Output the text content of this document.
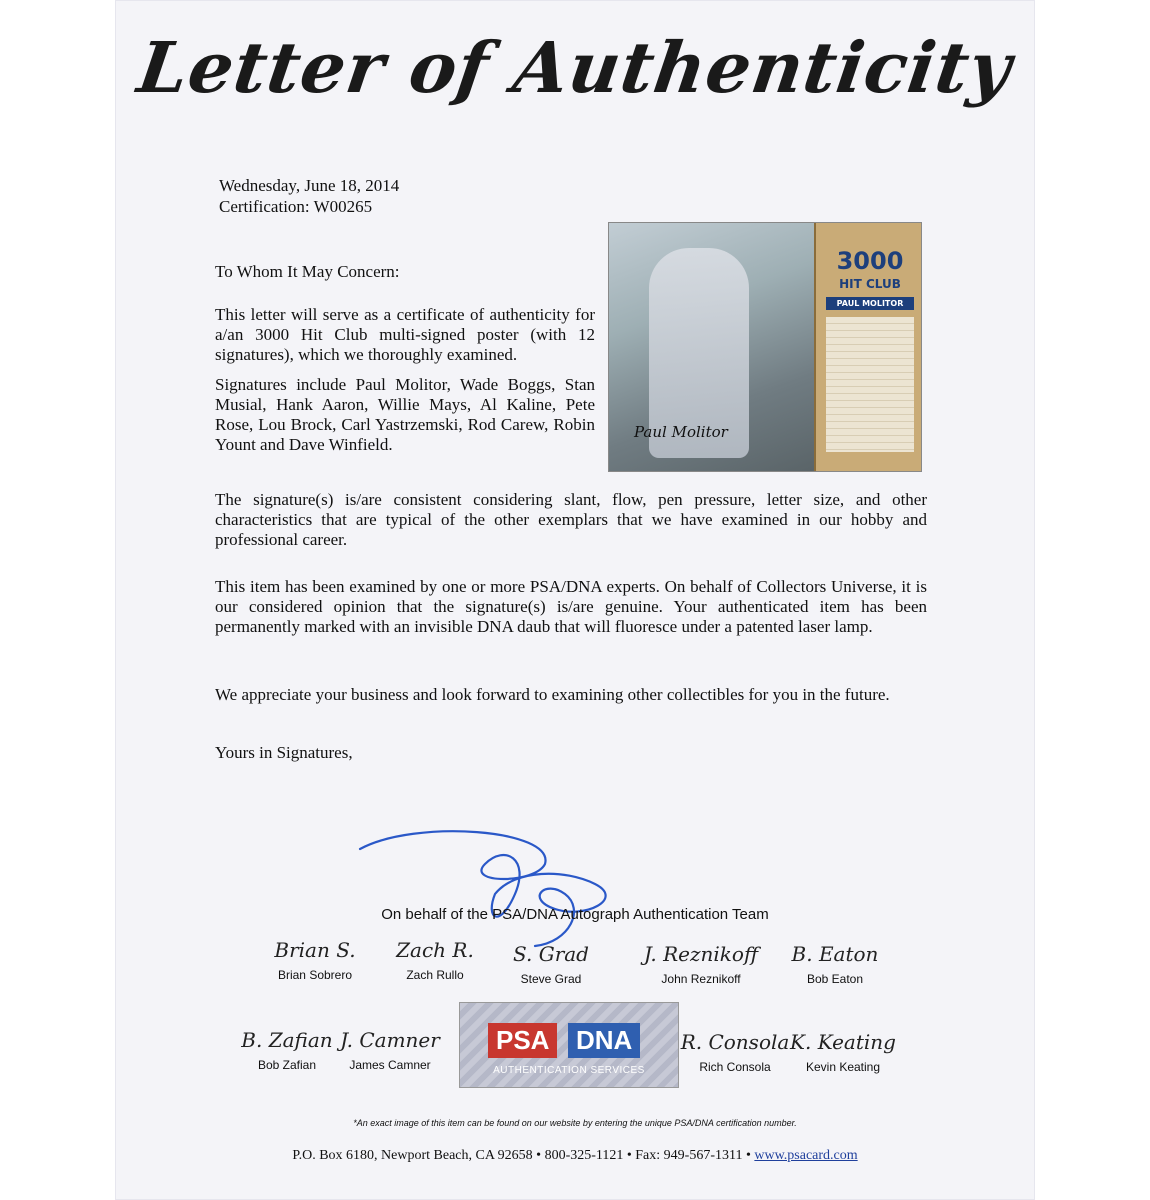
Letter of Authenticity
Wednesday, June 18, 2014
Certification: W00265
To Whom It May Concern:
This letter will serve as a certificate of authenticity for a/an 3000 Hit Club multi-signed poster (with 12 signatures), which we thoroughly examined.
Signatures include Paul Molitor, Wade Boggs, Stan Musial, Hank Aaron, Willie Mays, Al Kaline, Pete Rose, Lou Brock, Carl Yastrzemski, Rod Carew, Robin Yount and Dave Winfield.
Paul Molitor
3000
HIT CLUB
PAUL MOLITOR
The signature(s) is/are consistent considering slant, flow, pen pressure, letter size, and other characteristics that are typical of the other exemplars that we have examined in our hobby and professional career.
This item has been examined by one or more PSA/DNA experts. On behalf of Collectors Universe, it is our considered opinion that the signature(s) is/are genuine. Your authenticated item has been permanently marked with an invisible DNA daub that will fluoresce under a patented laser lamp.
We appreciate your business and look forward to examining other collectibles for you in the future.
Yours in Signatures,
On behalf of the PSA/DNA Autograph Authentication Team
Brian S.
Brian Sobrero
Zach R.
Zach Rullo
S. Grad
Steve Grad
J. Reznikoff
John Reznikoff
B. Eaton
Bob Eaton
B. Zafian
Bob Zafian
J. Camner
James Camner
R. Consola
Rich Consola
K. Keating
Kevin Keating
PSA	DNA
AUTHENTICATION SERVICES
*An exact image of this item can be found on our website by entering the unique PSA/DNA certification number.
P.O. Box 6180, Newport Beach, CA 92658 • 800-325-1121 • Fax: 949-567-1311 • www.psacard.com
